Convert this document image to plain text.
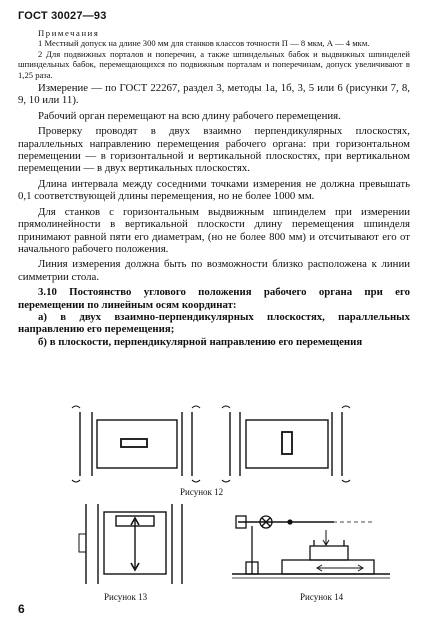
ГОСТ 30027—93
Примечания
1 Местный допуск на длине 300 мм для станков классов точности П — 8 мкм, А — 4 мкм.
2 Для подвижных порталов и поперечин, а также шпиндельных бабок и выдвижных шпинделей шпиндельных бабок, перемещающихся по подвижным порталам и поперечинам, допуск увеличивают в 1,25 раза.

Измерение — по ГОСТ 22267, раздел 3, методы 1а, 1б, 3, 5 или 6 (рисунки 7, 8, 9, 10 или 11).

Рабочий орган перемещают на всю длину рабочего перемещения.

Проверку проводят в двух взаимно перпендикулярных плоскостях, параллельных направлению перемещения рабочего органа: при горизонтальном перемещении — в горизонтальной и вертикальной плоскостях, при вертикальном перемещении — в двух вертикальных плоскостях.

Длина интервала между соседними точками измерения не должна превышать 0,1 соответствующей длины перемещения, но не более 1000 мм.

Для станков с горизонтальным выдвижным шпинделем при измерении прямолинейности в вертикальной плоскости длину перемещения шпинделя принимают равной пяти его диаметрам, (но не более 800 мм) и отсчитывают его от начального рабочего положения.

Линия измерения должна быть по возможности близко расположена к линии симметрии стола.

3.10 Постоянство углового положения рабочего органа при его перемещении по линейным осям координат:

а) в двух взаимно-перпендикулярных плоскостях, параллельных направлению его перемещения;

б) в плоскости, перпендикулярной направлению его перемещения

Рисунок 12
Рисунок 13	Рисунок 14
6
